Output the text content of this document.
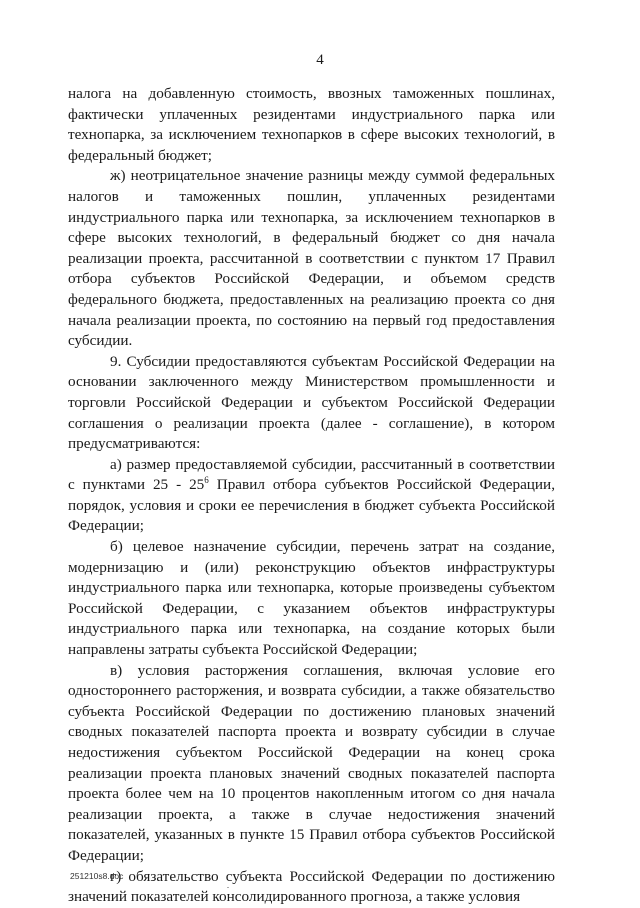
4

налога на добавленную стоимость, ввозных таможенных пошлинах, фактически уплаченных резидентами индустриального парка или технопарка, за исключением технопарков в сфере высоких технологий, в федеральный бюджет;

ж) неотрицательное значение разницы между суммой федеральных налогов и таможенных пошлин, уплаченных резидентами индустриального парка или технопарка, за исключением технопарков в сфере высоких технологий, в федеральный бюджет со дня начала реализации проекта, рассчитанной в соответствии с пунктом 17 Правил отбора субъектов Российской Федерации, и объемом средств федерального бюджета, предоставленных на реализацию проекта со дня начала реализации проекта, по состоянию на первый год предоставления субсидии.

9. Субсидии предоставляются субъектам Российской Федерации на основании заключенного между Министерством промышленности и торговли Российской Федерации и субъектом Российской Федерации соглашения о реализации проекта (далее - соглашение), в котором предусматриваются:

а) размер предоставляемой субсидии, рассчитанный в соответствии с пунктами $25 - 25^6$ Правил отбора субъектов Российской Федерации, порядок, условия и сроки ее перечисления в бюджет субъекта Российской Федерации;

б) целевое назначение субсидии, перечень затрат на создание, модернизацию и (или) реконструкцию объектов инфраструктуры индустриального парка или технопарка, которые произведены субъектом Российской Федерации, с указанием объектов инфраструктуры индустриального парка или технопарка, на создание которых были направлены затраты субъекта Российской Федерации;

в) условия расторжения соглашения, включая условие его одностороннего расторжения, и возврата субсидии, а также обязательство субъекта Российской Федерации по достижению плановых значений сводных показателей паспорта проекта и возврату субсидии в случае недостижения субъектом Российской Федерации на конец срока реализации проекта плановых значений сводных показателей паспорта проекта более чем на 10 процентов накопленным итогом со дня начала реализации проекта, а также в случае недостижения значений показателей, указанных в пункте 15 Правил отбора субъектов Российской Федерации;

г) обязательство субъекта Российской Федерации по достижению значений показателей консолидированного прогноза, а также условия

251210s8.doc
